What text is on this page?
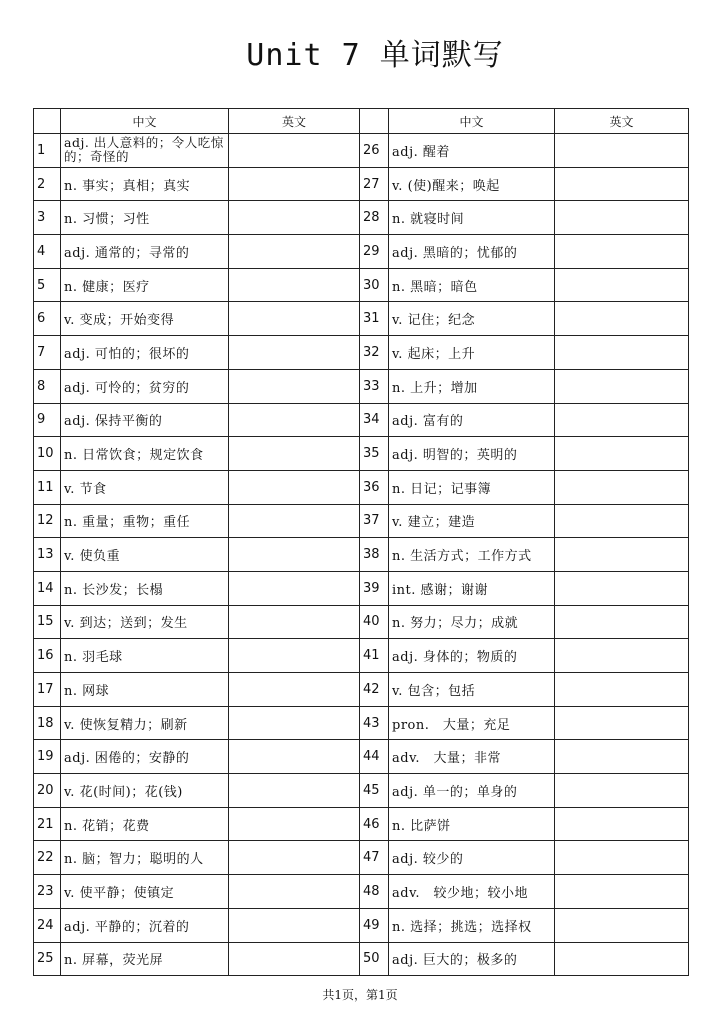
Unit 7 单词默写
	中文	英文		中文	英文
1	adj. 出人意料的；令人吃惊的；奇怪的		26	adj. 醒着	
2	n. 事实；真相；真实		27	v. (使)醒来；唤起	
3	n. 习惯；习性		28	n. 就寝时间	
4	adj. 通常的；寻常的		29	adj. 黑暗的；忧郁的	
5	n. 健康；医疗		30	n. 黑暗；暗色	
6	v. 变成；开始变得		31	v. 记住；纪念	
7	adj. 可怕的；很坏的		32	v. 起床；上升	
8	adj. 可怜的；贫穷的		33	n. 上升；增加	
9	adj. 保持平衡的		34	adj. 富有的	
10	n. 日常饮食；规定饮食		35	adj. 明智的；英明的	
11	v. 节食		36	n. 日记；记事簿	
12	n. 重量；重物；重任		37	v. 建立；建造	
13	v. 使负重		38	n. 生活方式；工作方式	
14	n. 长沙发；长榻		39	int. 感谢；谢谢	
15	v. 到达；送到；发生		40	n. 努力；尽力；成就	
16	n. 羽毛球		41	adj. 身体的；物质的	
17	n. 网球		42	v. 包含；包括	
18	v. 使恢复精力；刷新		43	pron.　大量；充足	
19	adj. 困倦的；安静的		44	adv.　大量；非常	
20	v. 花(时间)；花(钱)		45	adj. 单一的；单身的	
21	n. 花销；花费		46	n. 比萨饼	
22	n. 脑；智力；聪明的人		47	adj. 较少的	
23	v. 使平静；使镇定		48	adv.　较少地；较小地	
24	adj. 平静的；沉着的		49	n. 选择；挑选；选择权	
25	n. 屏幕，荧光屏		50	adj. 巨大的；极多的	
共1页，第1页
